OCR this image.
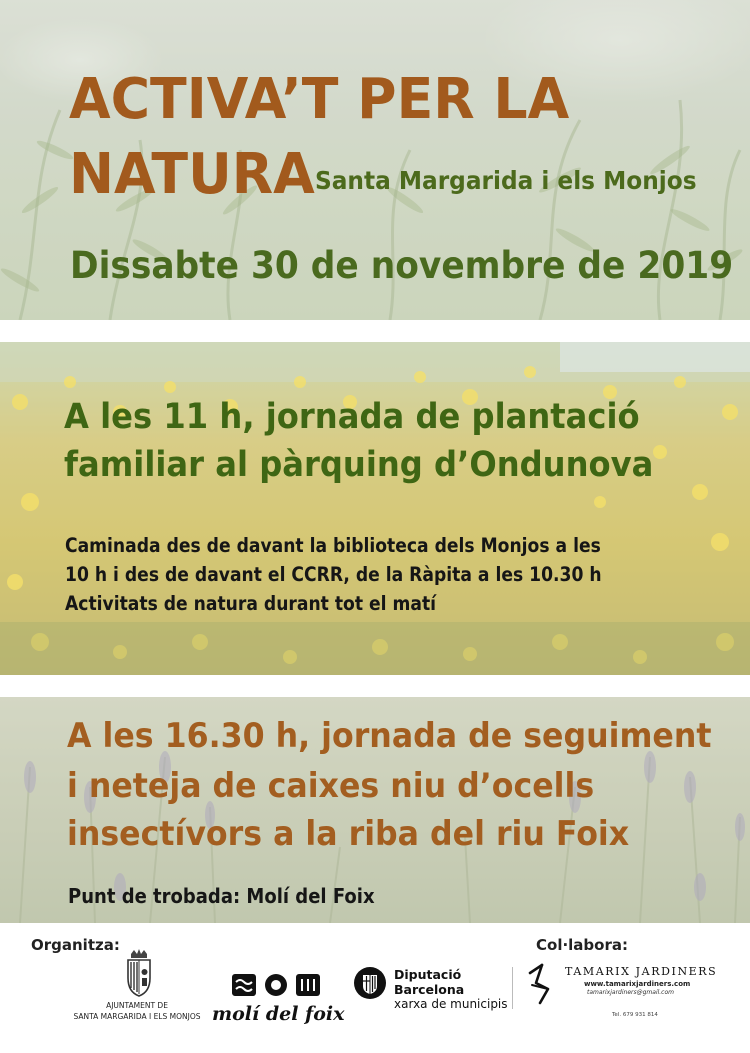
ACTIVA’T PER LA
NATURA Santa Margarida i els Monjos
Dissabte 30 de novembre de 2019
A les 11 h, jornada de plantació
familiar al pàrquing d’Ondunova
Caminada des de davant la biblioteca dels Monjos a les
10 h i des de davant el CCRR, de la Ràpita a les 10.30 h
Activitats de natura durant tot el matí
A les 16.30 h, jornada de seguiment
i neteja de caixes niu d’ocells
insectívors a la riba del riu Foix
Punt de trobada: Molí del Foix
Organitza:	Col·labora:
AJUNTAMENT DE
SANTA MARGARIDA I ELS MONJOS molí del foix
Diputació
Barcelona
xarxa de municipis
TAMARIX JARDINERS
www.tamarixjardiners.com
tamarixjardiners@gmail.com
Tel. 679 931 814
